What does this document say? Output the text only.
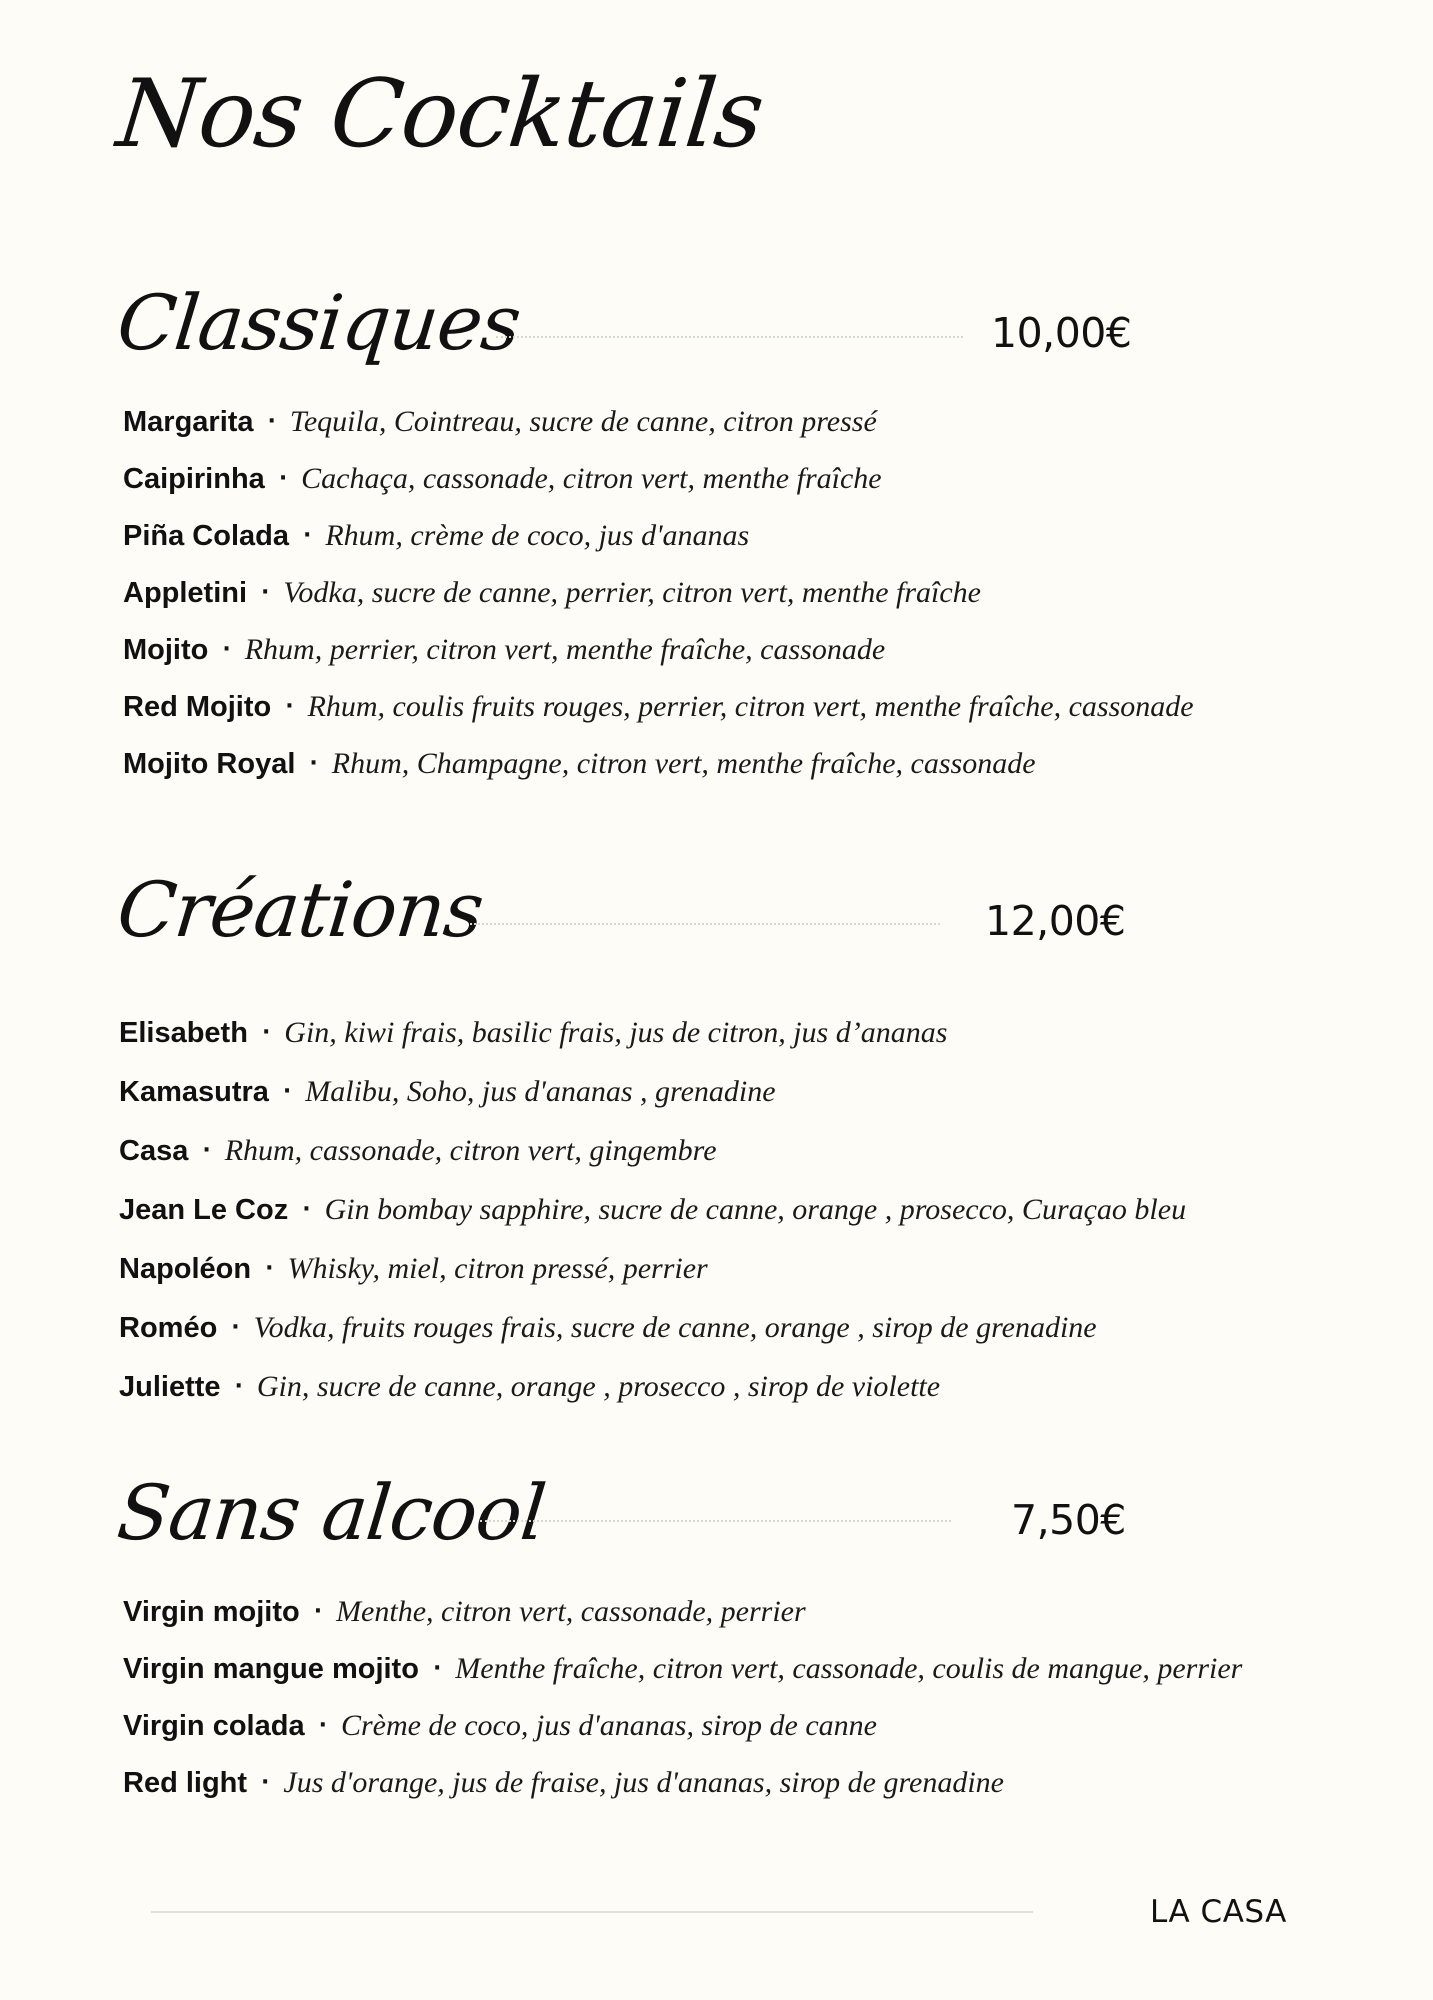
Nos Cocktails
Classiques	10,00€
Margarita · Tequila, Cointreau, sucre de canne, citron pressé
Caipirinha · Cachaça, cassonade, citron vert, menthe fraîche
Piña Colada · Rhum, crème de coco, jus d'ananas
Appletini · Vodka, sucre de canne, perrier, citron vert, menthe fraîche
Mojito · Rhum, perrier, citron vert, menthe fraîche, cassonade
Red Mojito · Rhum, coulis fruits rouges, perrier, citron vert, menthe fraîche, cassonade
Mojito Royal · Rhum, Champagne, citron vert, menthe fraîche, cassonade
Créations	12,00€
Elisabeth · Gin, kiwi frais, basilic frais, jus de citron, jus d’ananas
Kamasutra · Malibu, Soho, jus d'ananas , grenadine
Casa · Rhum, cassonade, citron vert, gingembre
Jean Le Coz · Gin bombay sapphire, sucre de canne, orange , prosecco, Curaçao bleu
Napoléon · Whisky, miel, citron pressé, perrier
Roméo · Vodka, fruits rouges frais, sucre de canne, orange , sirop de grenadine
Juliette · Gin, sucre de canne, orange , prosecco , sirop de violette
Sans alcool	7,50€
Virgin mojito · Menthe, citron vert, cassonade, perrier
Virgin mangue mojito · Menthe fraîche, citron vert, cassonade, coulis de mangue, perrier
Virgin colada · Crème de coco, jus d'ananas, sirop de canne
Red light · Jus d'orange, jus de fraise, jus d'ananas, sirop de grenadine
LA CASA
